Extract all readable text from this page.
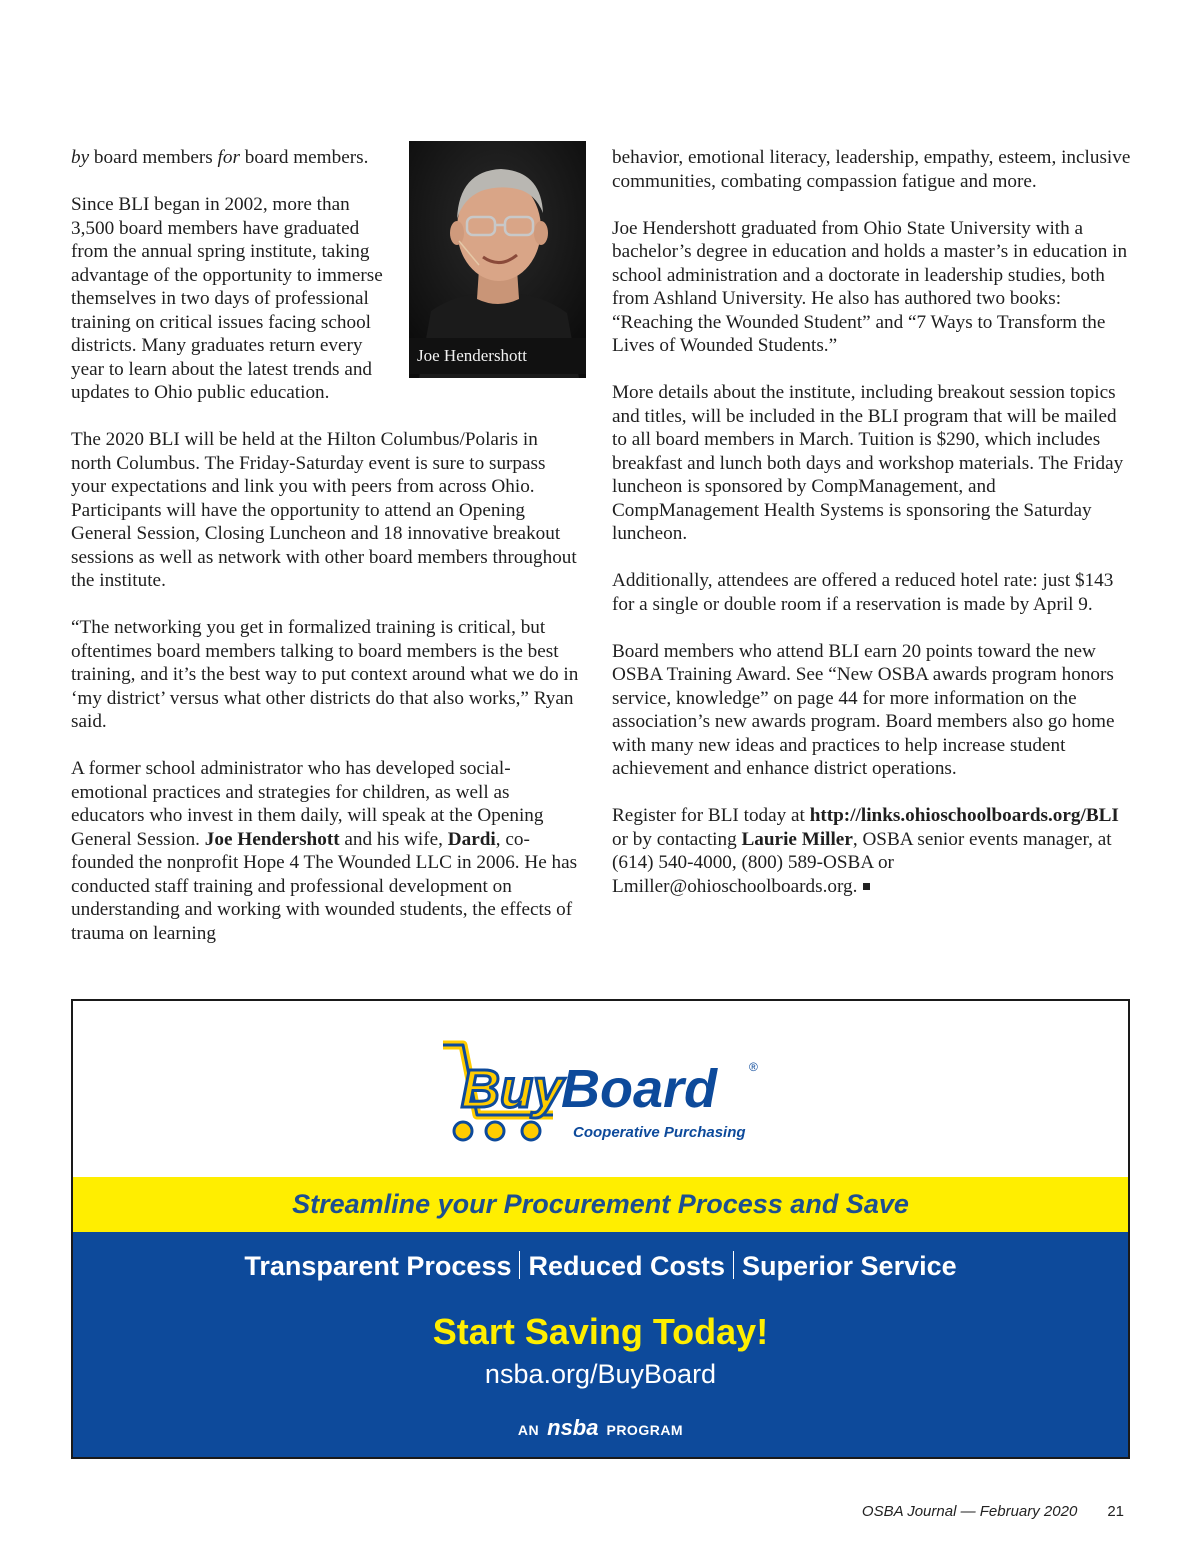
Joe Hendershott

by board members for board members.

Since BLI began in 2002, more than 3,500 board members have graduated from the annual spring institute, taking advantage of the opportunity to immerse themselves in two days of professional training on critical issues facing school districts. Many graduates return every year to learn about the latest trends and updates to Ohio public education.

The 2020 BLI will be held at the Hilton Columbus/Polaris in north Columbus. The Friday-Saturday event is sure to surpass your expectations and link you with peers from across Ohio. Participants will have the opportunity to attend an Opening General Session, Closing Luncheon and 18 innovative breakout sessions as well as network with other board members throughout the institute.

“The networking you get in formalized training is critical, but oftentimes board members talking to board members is the best training, and it’s the best way to put context around what we do in ‘my district’ versus what other districts do that also works,” Ryan said.

A former school administrator who has developed social-emotional practices and strategies for children, as well as educators who invest in them daily, will speak at the Opening General Session. Joe Hendershott and his wife, Dardi, co-founded the nonprofit Hope 4 The Wounded LLC in 2006. He has conducted staff training and professional development on understanding and working with wounded students, the effects of trauma on learning

behavior, emotional literacy, leadership, empathy, esteem, inclusive communities, combating compassion fatigue and more.

Joe Hendershott graduated from Ohio State University with a bachelor’s degree in education and holds a master’s in education in school administration and a doctorate in leadership studies, both from Ashland University. He also has authored two books: “Reaching the Wounded Student” and “7 Ways to Transform the Lives of Wounded Students.”

More details about the institute, including breakout session topics and titles, will be included in the BLI program that will be mailed to all board members in March. Tuition is $290, which includes breakfast and lunch both days and workshop materials. The Friday luncheon is sponsored by CompManagement, and CompManagement Health Systems is sponsoring the Saturday luncheon.

Additionally, attendees are offered a reduced hotel rate: just $143 for a single or double room if a reservation is made by April 9.

Board members who attend BLI earn 20 points toward the new OSBA Training Award. See “New OSBA awards program honors service, knowledge” on page 44 for more information on the association’s new awards program. Board members also go home with many new ideas and practices to help increase student achievement and enhance district operations.

Register for BLI today at http://links.ohioschoolboards.org/BLI or by contacting Laurie Miller, OSBA senior events manager, at (614) 540-4000, (800) 589-OSBA or Lmiller@ohioschoolboards.org.

Buy
Board	®
Cooperative Purchasing
Streamline your Procurement Process and Save
Transparent Process Reduced Costs Superior Service
Start Saving Today!
nsba.org/BuyBoard
AN nsba PROGRAM
OSBA Journal — February 2020 21
